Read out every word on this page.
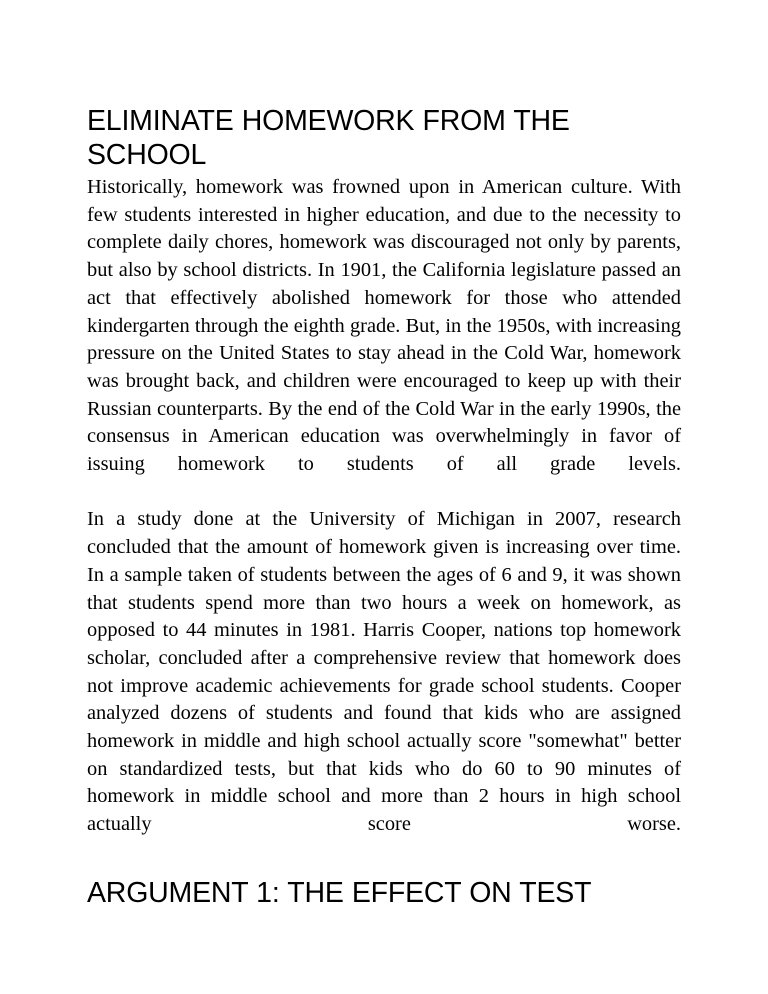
ELIMINATE HOMEWORK FROM THE SCHOOL

Historically, homework was frowned upon in American culture. With few students interested in higher education, and due to the necessity to complete daily chores, homework was discouraged not only by parents, but also by school districts. In 1901, the California legislature passed an act that effectively abolished homework for those who attended kindergarten through the eighth grade. But, in the 1950s, with increasing pressure on the United States to stay ahead in the Cold War, homework was brought back, and children were encouraged to keep up with their Russian counterparts. By the end of the Cold War in the early 1990s, the consensus in American education was overwhelmingly in favor of issuing homework to students of all grade levels.

In a study done at the University of Michigan in 2007, research concluded that the amount of homework given is increasing over time. In a sample taken of students between the ages of 6 and 9, it was shown that students spend more than two hours a week on homework, as opposed to 44 minutes in 1981. Harris Cooper, nations top homework scholar, concluded after a comprehensive review that homework does not improve academic achievements for grade school students. Cooper analyzed dozens of students and found that kids who are assigned homework in middle and high school actually score "somewhat" better on standardized tests, but that kids who do 60 to 90 minutes of homework in middle school and more than 2 hours in high school actually score worse.

ARGUMENT 1: THE EFFECT ON TEST
